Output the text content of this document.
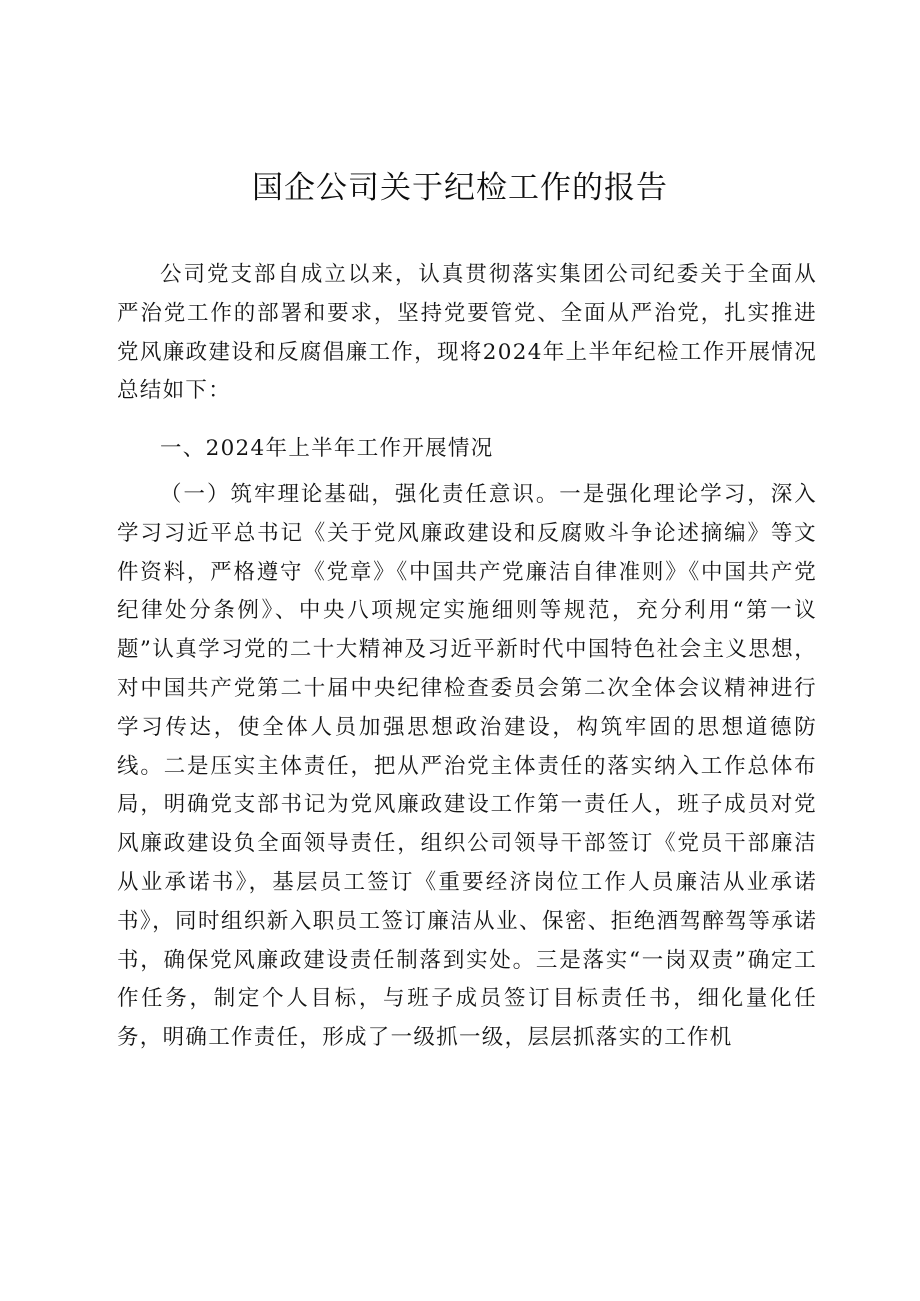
国企公司关于纪检工作的报告

公司党支部自成立以来，认真贯彻落实集团公司纪委关于全面从严治党工作的部署和要求，坚持党要管党、全面从严治党，扎实推进党风廉政建设和反腐倡廉工作，现将2024年上半年纪检工作开展情况总结如下：

一、2024年上半年工作开展情况

（一）筑牢理论基础，强化责任意识。一是强化理论学习，深入学习习近平总书记《关于党风廉政建设和反腐败斗争论述摘编》等文件资料，严格遵守《党章》《中国共产党廉洁自律准则》《中国共产党纪律处分条例》、中央八项规定实施细则等规范，充分利用“第一议题”认真学习党的二十大精神及习近平新时代中国特色社会主义思想，对中国共产党第二十届中央纪律检查委员会第二次全体会议精神进行学习传达，使全体人员加强思想政治建设，构筑牢固的思想道德防线。二是压实主体责任，把从严治党主体责任的落实纳入工作总体布局，明确党支部书记为党风廉政建设工作第一责任人，班子成员对党风廉政建设负全面领导责任，组织公司领导干部签订《党员干部廉洁从业承诺书》，基层员工签订《重要经济岗位工作人员廉洁从业承诺书》，同时组织新入职员工签订廉洁从业、保密、拒绝酒驾醉驾等承诺书，确保党风廉政建设责任制落到实处。三是落实“一岗双责”确定工作任务，制定个人目标，与班子成员签订目标责任书，细化量化任务，明确工作责任，形成了一级抓一级，层层抓落实的工作机
